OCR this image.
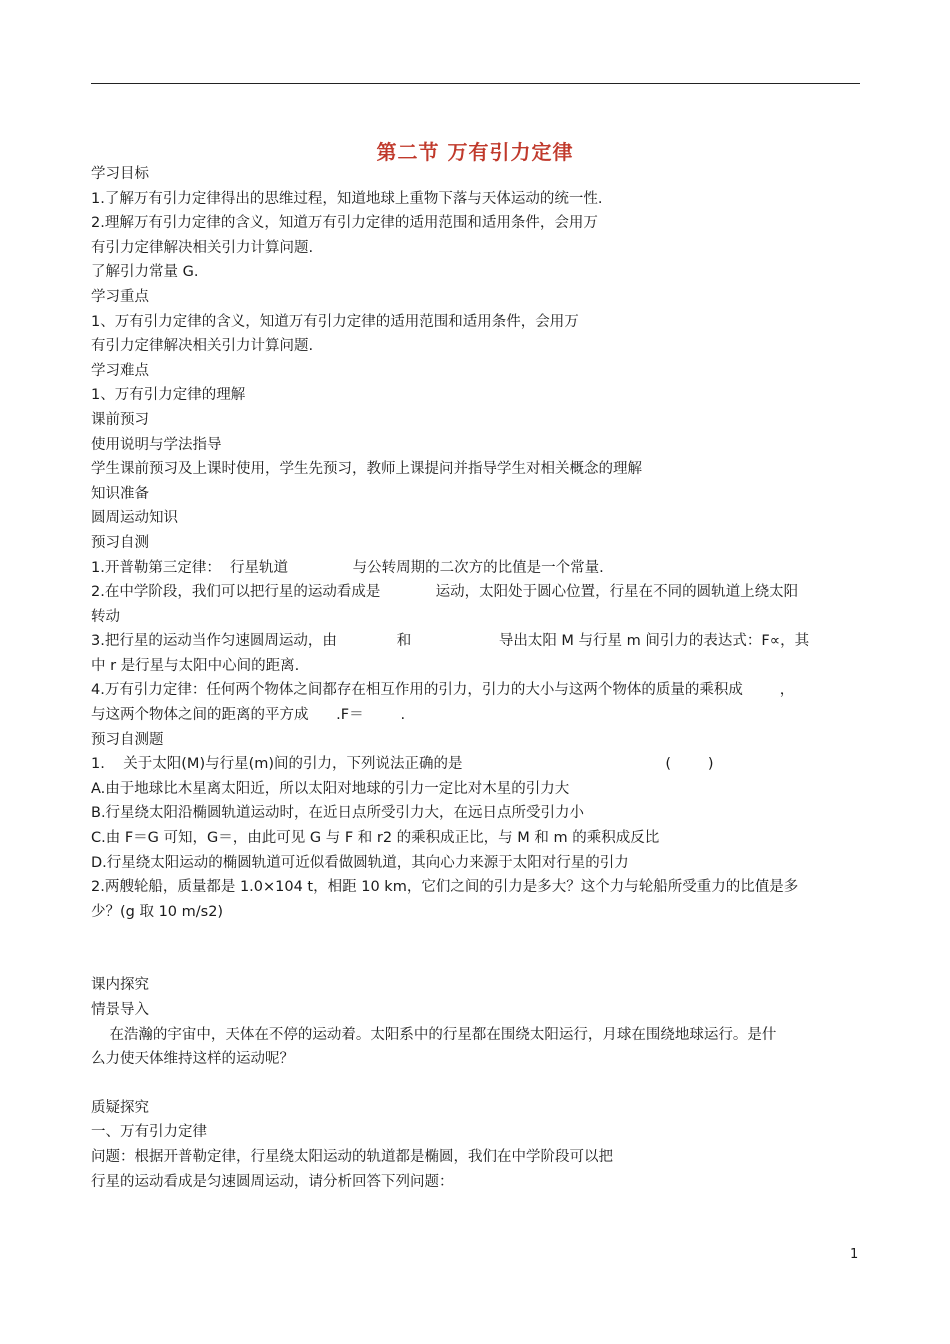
第二节 万有引力定律

学习目标

1.了解万有引力定律得出的思维过程，知道地球上重物下落与天体运动的统一性.

2.理解万有引力定律的含义，知道万有引力定律的适用范围和适用条件，会用万

有引力定律解决相关引力计算问题.

了解引力常量 G.

学习重点

1、万有引力定律的含义，知道万有引力定律的适用范围和适用条件，会用万

有引力定律解决相关引力计算问题.

学习难点

1、万有引力定律的理解

课前预习

使用说明与学法指导

学生课前预习及上课时使用，学生先预习，教师上课提问并指导学生对相关概念的理解

知识准备

圆周运动知识

预习自测

1.开普勒第三定律：  行星轨道              与公转周期的二次方的比值是一个常量.

2.在中学阶段，我们可以把行星的运动看成是            运动，太阳处于圆心位置，行星在不同的圆轨道上绕太阳

转动

3.把行星的运动当作匀速圆周运动，由             和                   导出太阳 M 与行星 m 间引力的表达式：F∝，其

中 r 是行星与太阳中心间的距离.

4.万有引力定律：任何两个物体之间都存在相互作用的引力，引力的大小与这两个物体的质量的乘积成        ，

与这两个物体之间的距离的平方成      .F＝        .

预习自测题

1.    关于太阳(M)与行星(m)间的引力，下列说法正确的是                                            (        )

A.由于地球比木星离太阳近，所以太阳对地球的引力一定比对木星的引力大

B.行星绕太阳沿椭圆轨道运动时，在近日点所受引力大，在远日点所受引力小

C.由 F＝G 可知，G＝，由此可见 G 与 F 和 r2 的乘积成正比，与 M 和 m 的乘积成反比

D.行星绕太阳运动的椭圆轨道可近似看做圆轨道，其向心力来源于太阳对行星的引力

2.两艘轮船，质量都是 1.0×104 t，相距 10 km，它们之间的引力是多大？这个力与轮船所受重力的比值是多

少？(g 取 10 m/s2)

课内探究

情景导入

在浩瀚的宇宙中，天体在不停的运动着。太阳系中的行星都在围绕太阳运行，月球在围绕地球运行。是什

么力使天体维持这样的运动呢？

质疑探究

一、万有引力定律

问题：根据开普勒定律，行星绕太阳运动的轨道都是椭圆，我们在中学阶段可以把

行星的运动看成是匀速圆周运动，请分析回答下列问题：

1
